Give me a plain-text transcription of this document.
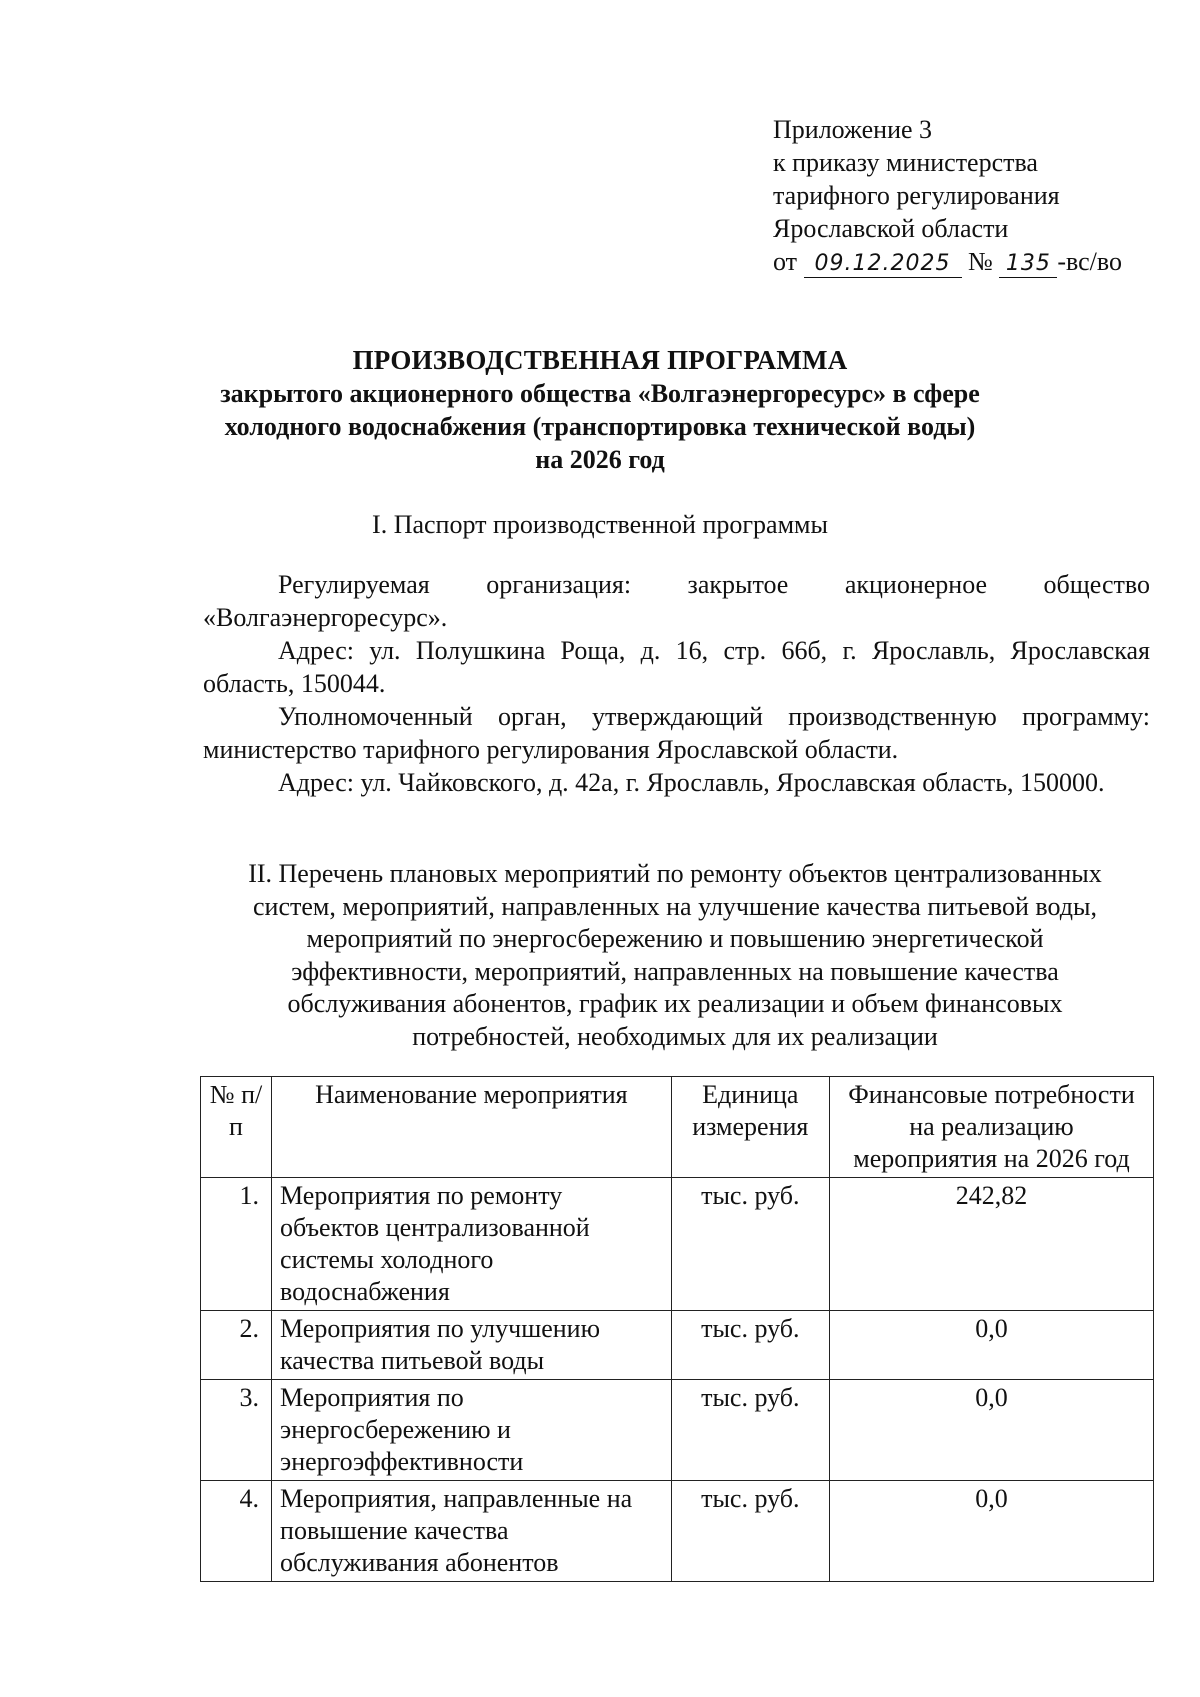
Приложение 3
к приказу министерства
тарифного регулирования
Ярославской области
от 09.12.2025 № 135 -вс/во
ПРОИЗВОДСТВЕННАЯ ПРОГРАММА
закрытого акционерного общества «Волгаэнергоресурс» в сфере
холодного водоснабжения (транспортировка технической воды)
на 2026 год
I. Паспорт производственной программы

Регулируемая организация: закрытое акционерное общество «Волгаэнергоресурс».

Адрес: ул. Полушкина Роща, д. 16, стр. 66б, г. Ярославль, Ярославская область, 150044.

Уполномоченный орган, утверждающий производственную программу: министерство тарифного регулирования Ярославской области.

Адрес: ул. Чайковского, д. 42а, г. Ярославль, Ярославская область, 150000.

II. Перечень плановых мероприятий по ремонту объектов централизованных
систем, мероприятий, направленных на улучшение качества питьевой воды,
мероприятий по энергосбережению и повышению энергетической
эффективности, мероприятий, направленных на повышение качества
обслуживания абонентов, график их реализации и объем финансовых
потребностей, необходимых для их реализации
№ п/п	Наименование мероприятия	Единица измерения	Финансовые потребности на реализацию мероприятия на 2026 год
1.	Мероприятия по ремонту объектов централизованной системы холодного водоснабжения	тыс. руб.	242,82
2.	Мероприятия по улучшению качества питьевой воды	тыс. руб.	0,0
3.	Мероприятия по энергосбережению и энергоэффективности	тыс. руб.	0,0
4.	Мероприятия, направленные на повышение качества обслуживания абонентов	тыс. руб.	0,0
